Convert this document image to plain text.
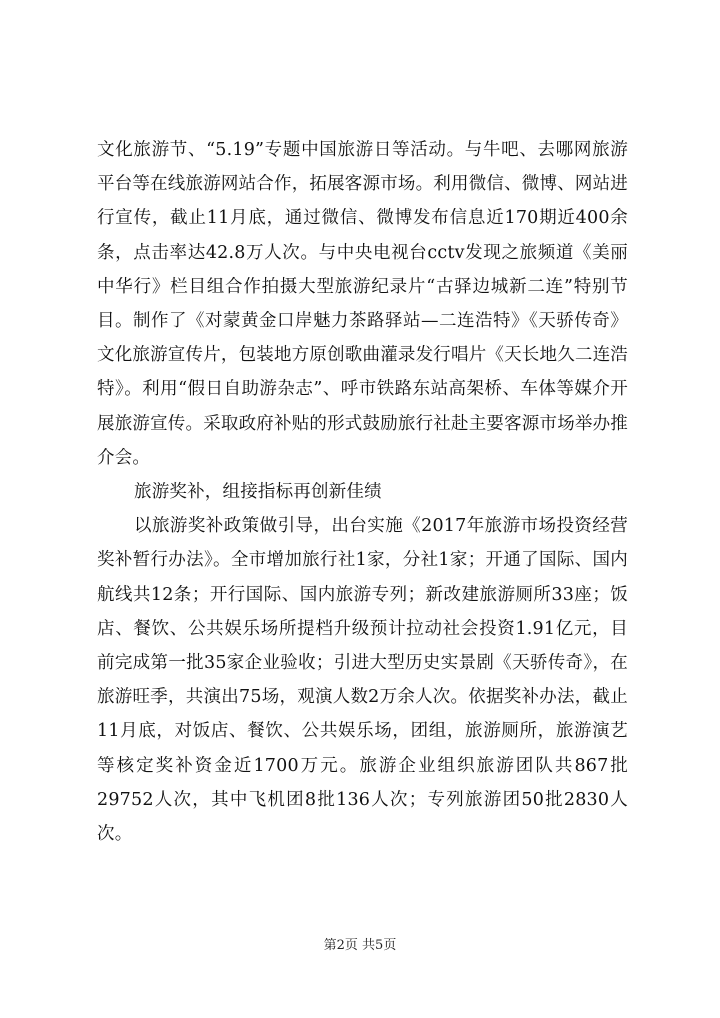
文化旅游节、“5.19”专题中国旅游日等活动。与牛吧、去哪网旅游平台等在线旅游网站合作，拓展客源市场。利用微信、微博、网站进行宣传，截止11月底，通过微信、微博发布信息近170期近400余条，点击率达42.8万人次。与中央电视台cctv发现之旅频道《美丽中华行》栏目组合作拍摄大型旅游纪录片“古驿边城新二连”特别节目。制作了《对蒙黄金口岸魅力茶路驿站—二连浩特》《天骄传奇》文化旅游宣传片，包装地方原创歌曲灌录发行唱片《天长地久二连浩特》。利用“假日自助游杂志”、呼市铁路东站高架桥、车体等媒介开展旅游宣传。采取政府补贴的形式鼓励旅行社赴主要客源市场举办推介会。

旅游奖补，组接指标再创新佳绩

以旅游奖补政策做引导，出台实施《2017年旅游市场投资经营奖补暂行办法》。全市增加旅行社1家，分社1家；开通了国际、国内航线共12条；开行国际、国内旅游专列；新改建旅游厕所33座；饭店、餐饮、公共娱乐场所提档升级预计拉动社会投资1.91亿元，目前完成第一批35家企业验收；引进大型历史实景剧《天骄传奇》，在旅游旺季，共演出75场，观演人数2万余人次。依据奖补办法，截止11月底，对饭店、餐饮、公共娱乐场，团组，旅游厕所，旅游演艺等核定奖补资金近1700万元。旅游企业组织旅游团队共867批29752人次，其中飞机团8批136人次；专列旅游团50批2830人次。

第2页 共5页
